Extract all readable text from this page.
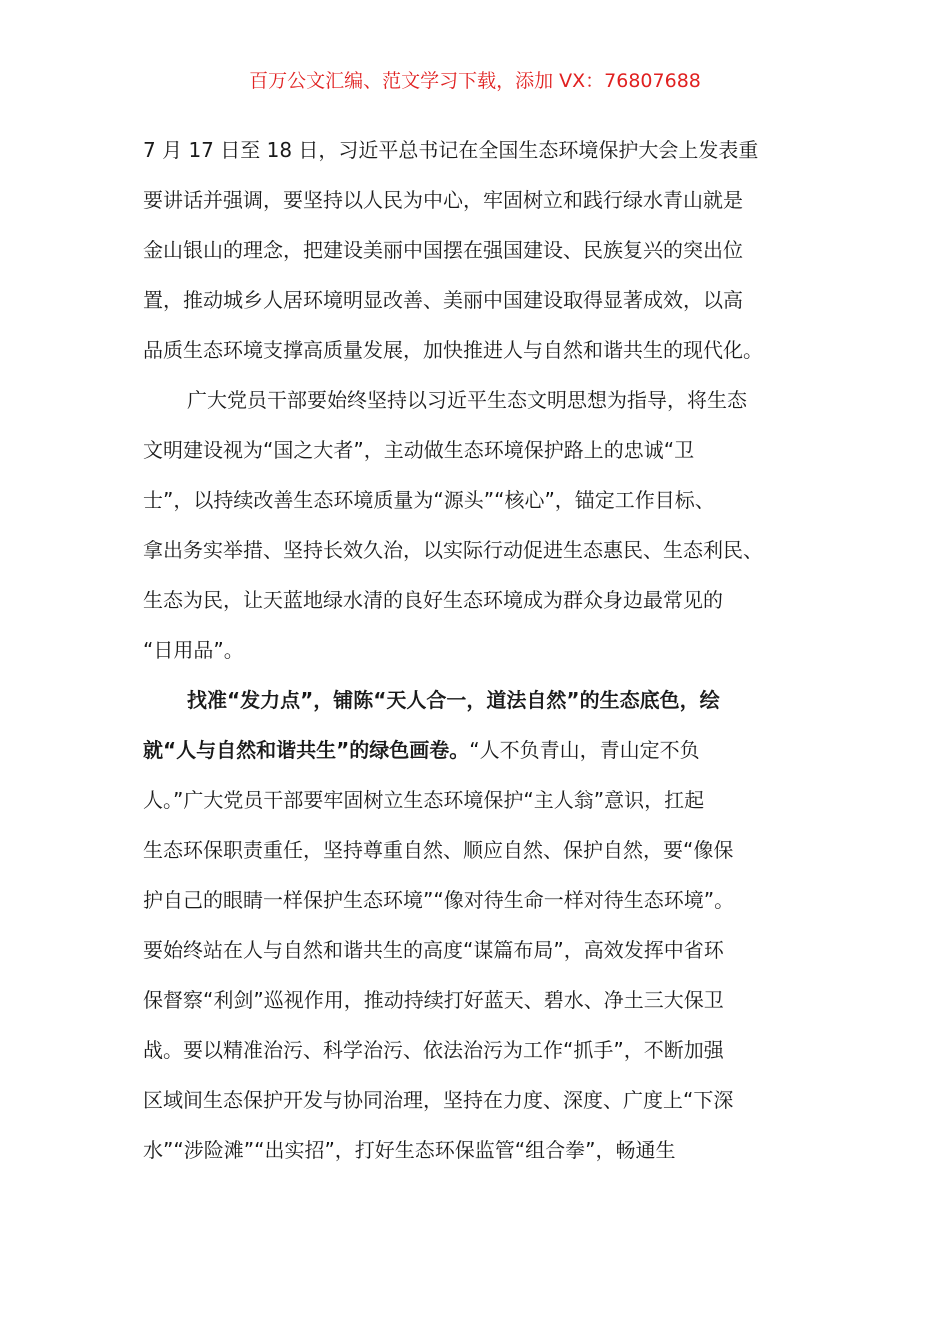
百万公文汇编、范文学习下载，添加 VX：76807688
7 月 17 日至 18 日，习近平总书记在全国生态环境保护大会上发表重
要讲话并强调，要坚持以人民为中心，牢固树立和践行绿水青山就是
金山银山的理念，把建设美丽中国摆在强国建设、民族复兴的突出位
置，推动城乡人居环境明显改善、美丽中国建设取得显著成效，以高
品质生态环境支撑高质量发展，加快推进人与自然和谐共生的现代化。
广大党员干部要始终坚持以习近平生态文明思想为指导，将生态
文明建设视为“国之大者”，主动做生态环境保护路上的忠诚“卫
士”，以持续改善生态环境质量为“源头”“核心”，锚定工作目标、
拿出务实举措、坚持长效久治，以实际行动促进生态惠民、生态利民、
生态为民，让天蓝地绿水清的良好生态环境成为群众身边最常见的
“日用品”。
找准“发力点”，铺陈“天人合一，道法自然”的生态底色，绘
就“人与自然和谐共生”的绿色画卷。“人不负青山，青山定不负
人。”广大党员干部要牢固树立生态环境保护“主人翁”意识，扛起
生态环保职责重任，坚持尊重自然、顺应自然、保护自然，要“像保
护自己的眼睛一样保护生态环境”“像对待生命一样对待生态环境”。
要始终站在人与自然和谐共生的高度“谋篇布局”，高效发挥中省环
保督察“利剑”巡视作用，推动持续打好蓝天、碧水、净土三大保卫
战。要以精准治污、科学治污、依法治污为工作“抓手”，不断加强
区域间生态保护开发与协同治理，坚持在力度、深度、广度上“下深
水”“涉险滩”“出实招”，打好生态环保监管“组合拳”，畅通生
